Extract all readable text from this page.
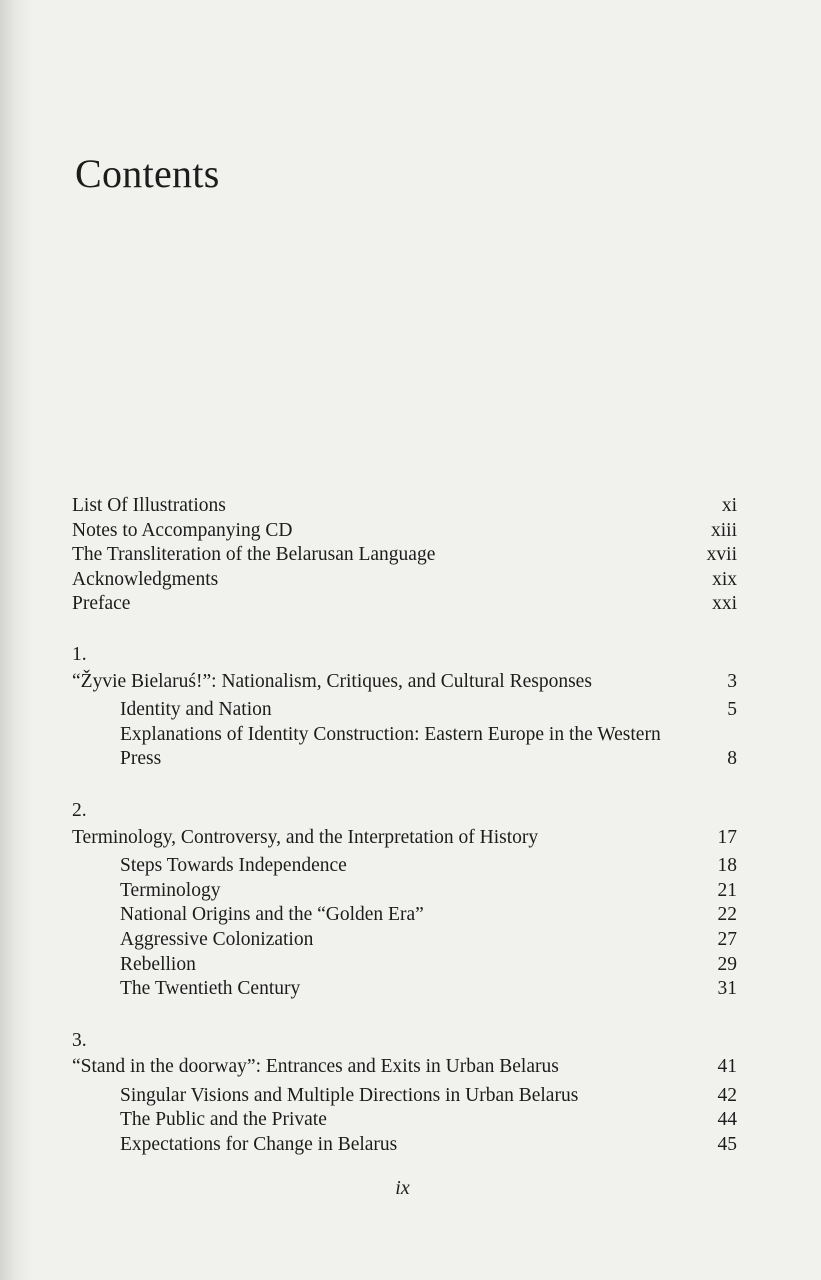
Contents
List Of Illustrations	xi
Notes to Accompanying CD	xiii
The Transliteration of the Belarusan Language	xvii
Acknowledgments	xix
Preface	xxi
1.
“Žyvie Bielaruś!”: Nationalism, Critiques, and Cultural Responses	3
Identity and Nation	5
Explanations of Identity Construction: Eastern Europe in the Western Press	8
2.
Terminology, Controversy, and the Interpretation of History	17
Steps Towards Independence	18
Terminology	21
National Origins and the “Golden Era”	22
Aggressive Colonization	27
Rebellion	29
The Twentieth Century	31
3.
“Stand in the doorway”: Entrances and Exits in Urban Belarus	41
Singular Visions and Multiple Directions in Urban Belarus	42
The Public and the Private	44
Expectations for Change in Belarus	45
ix
